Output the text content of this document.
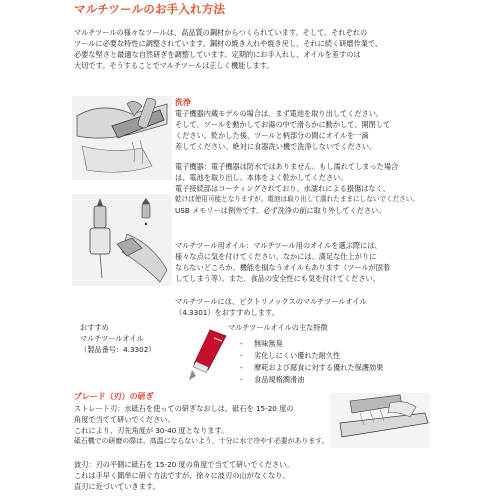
マルチツールのお手入れ方法
マルチツールの様々なツールは、高品質の鋼材からつくられています。そして、それぞれの
ツールに必要な特性に調整されています。鋼材の焼き入れや焼き戻し、それに続く研磨作業で、
必要な堅さと最適な自然研ぎを調整しています。定期的にお手入れし、オイルを差すのは
大切です。そうすることでマルチツールは正しく機能します。
洗浄
電子機器内蔵モデルの場合は、まず電池を取り出してください。
そして、ツールを動かしてお湯の中で滑らかに動かして、開閉して
ください。乾かした後、ツールと柄部分の間にオイルを一滴
差してください。絶対に食器洗い機で洗浄しないでください。
電子機器：電子機器は防水ではありません。もし濡れてしまった場合
は、電池を取り出し、本体をよく乾かしてください。
電子接続部はコーティングされており、水濡れによる損傷はなく、
乾けば使用可能となりますが、電池は取り出して濡れたままにしないでください。
USB メモリーは例外です。必ず洗浄の前に取り外してください。
マルチツール用オイル：マルチツール用のオイルを選ぶ際には、
様々な点に気を付けてください。なかには、満足な仕上がりに
ならないどころか、機能を損なうオイルもあります（ツールが固着
してしまう等）。また、食品の安全性にも気を付けてください。
マルチツールには、ビクトリノックスのマルチツールオイル
（4.3301）をおすすめします。
おすすめ
マルチツールオイル
（製品番号：4.3302）
マルチツールオイルの主な特徴
- 無味無臭
- 劣化しにくい優れた耐久性
- 摩耗および腐食に対する優れた保護効果
- 食品規格潤滑油
ブレード（刃）の研ぎ
ストレート刃：水砥石を使っての研ぎなおしは、砥石を 15-20 度の
角度で当てて研いでください。
これにより、刃先角度が 30-40 度となります。
砥石機での研磨の際は、高温にならないよう、十分に水で冷やす必要があります。
波刃：刃の平側に砥石を 15-20 度の角度で当てて研いでください。
これは手早く簡単に研ぐ方法ですが、徐々に波刃の山がなくなり、
直刃に近づいていきます。
